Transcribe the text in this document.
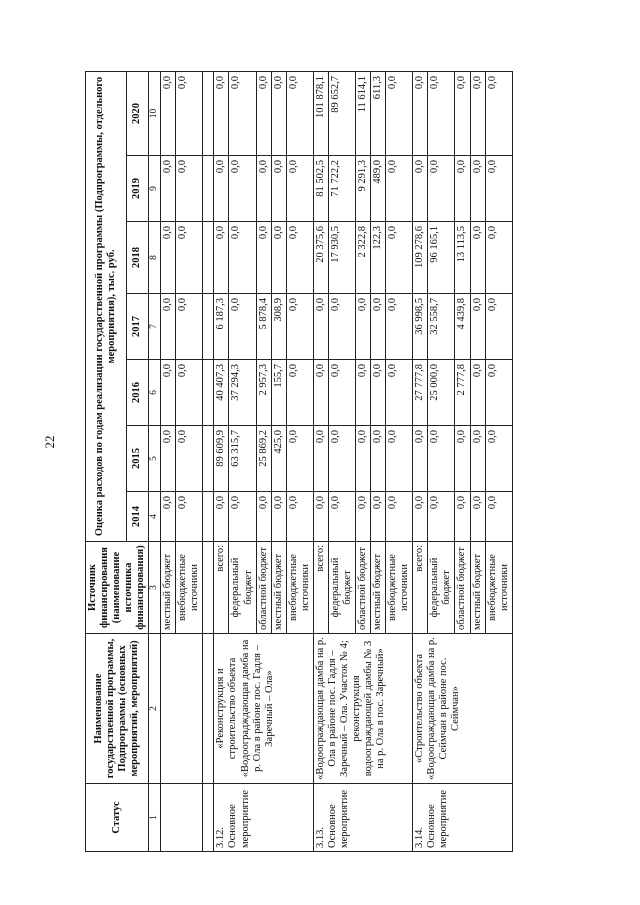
22
Статус	Наименование государственной программы, Подпрограммы (основных мероприятий, мероприятий)	Источник финансирования (наименование источника финансирования)	Оценка расходов по годам реализации государственной программы (Подпрограммы, отдельного мероприятия), тыс. руб.						
			2014	2015	2016	2017	2018	2019	2020
1	2	3	4	5	6	7	8	9	10
		местный бюджет	0,0	0,0	0,0	0,0	0,0	0,0	0,0
		внебюджетные источники	0,0	0,0	0,0	0,0	0,0	0,0	0,0

3.12. Основное мероприятие	«Реконструкция и строительство объекта «Водооградждающая дамба на р. Ола в районе пос. Гадля – Заречный – Ола»	всего:	0,0	89 609,9	40 407,3	6 187,3	0,0	0,0	0,0
		федеральный бюджет	0,0	63 315,7	37 294,3	0,0	0,0	0,0	0,0
		областной бюджет	0,0	25 869,2	2 957,3	5 878,4	0,0	0,0	0,0
		местный бюджет	0,0	425,0	155,7	308,9	0,0	0,0	0,0
		внебюджетные источники	0,0	0,0	0,0	0,0	0,0	0,0	0,0
3.13. Основное мероприятие	«Водоограждающая дамба на р. Ола в районе пос. Гадля – Заречный – Ола. Участок № 4; реконструкция водоограждающей дамбы № 3 на р. Ола в пос. Заречный»	всего:	0,0	0,0	0,0	0,0	20 375,6	81 502,5	101 878,1
		федеральный бюджет	0,0	0,0	0,0	0,0	17 930,5	71 722,2	89 652,7
		областной бюджет	0,0	0,0	0,0	0,0	2 322,8	9 291,3	11 614,1
		местный бюджет	0,0	0,0	0,0	0,0	122,3	489,0	611,3
		внебюджетные источники	0,0	0,0	0,0	0,0	0,0	0,0	0,0
3.14. Основное мероприятие	«Строительство объекта «Водоограждающая дамба на р. Сеймчан в районе пос. Сеймчан»	всего:	0,0	0,0	27 777,8	36 998,5	109 278,6	0,0	0,0
		федеральный бюджет	0,0	0,0	25 000,0	32 558,7	96 165,1	0,0	0,0
		областной бюджет	0,0	0,0	2 777,8	4 439,8	13 113,5	0,0	0,0
		местный бюджет	0,0	0,0	0,0	0,0	0,0	0,0	0,0
		внебюджетные источники	0,0	0,0	0,0	0,0	0,0	0,0	0,0
